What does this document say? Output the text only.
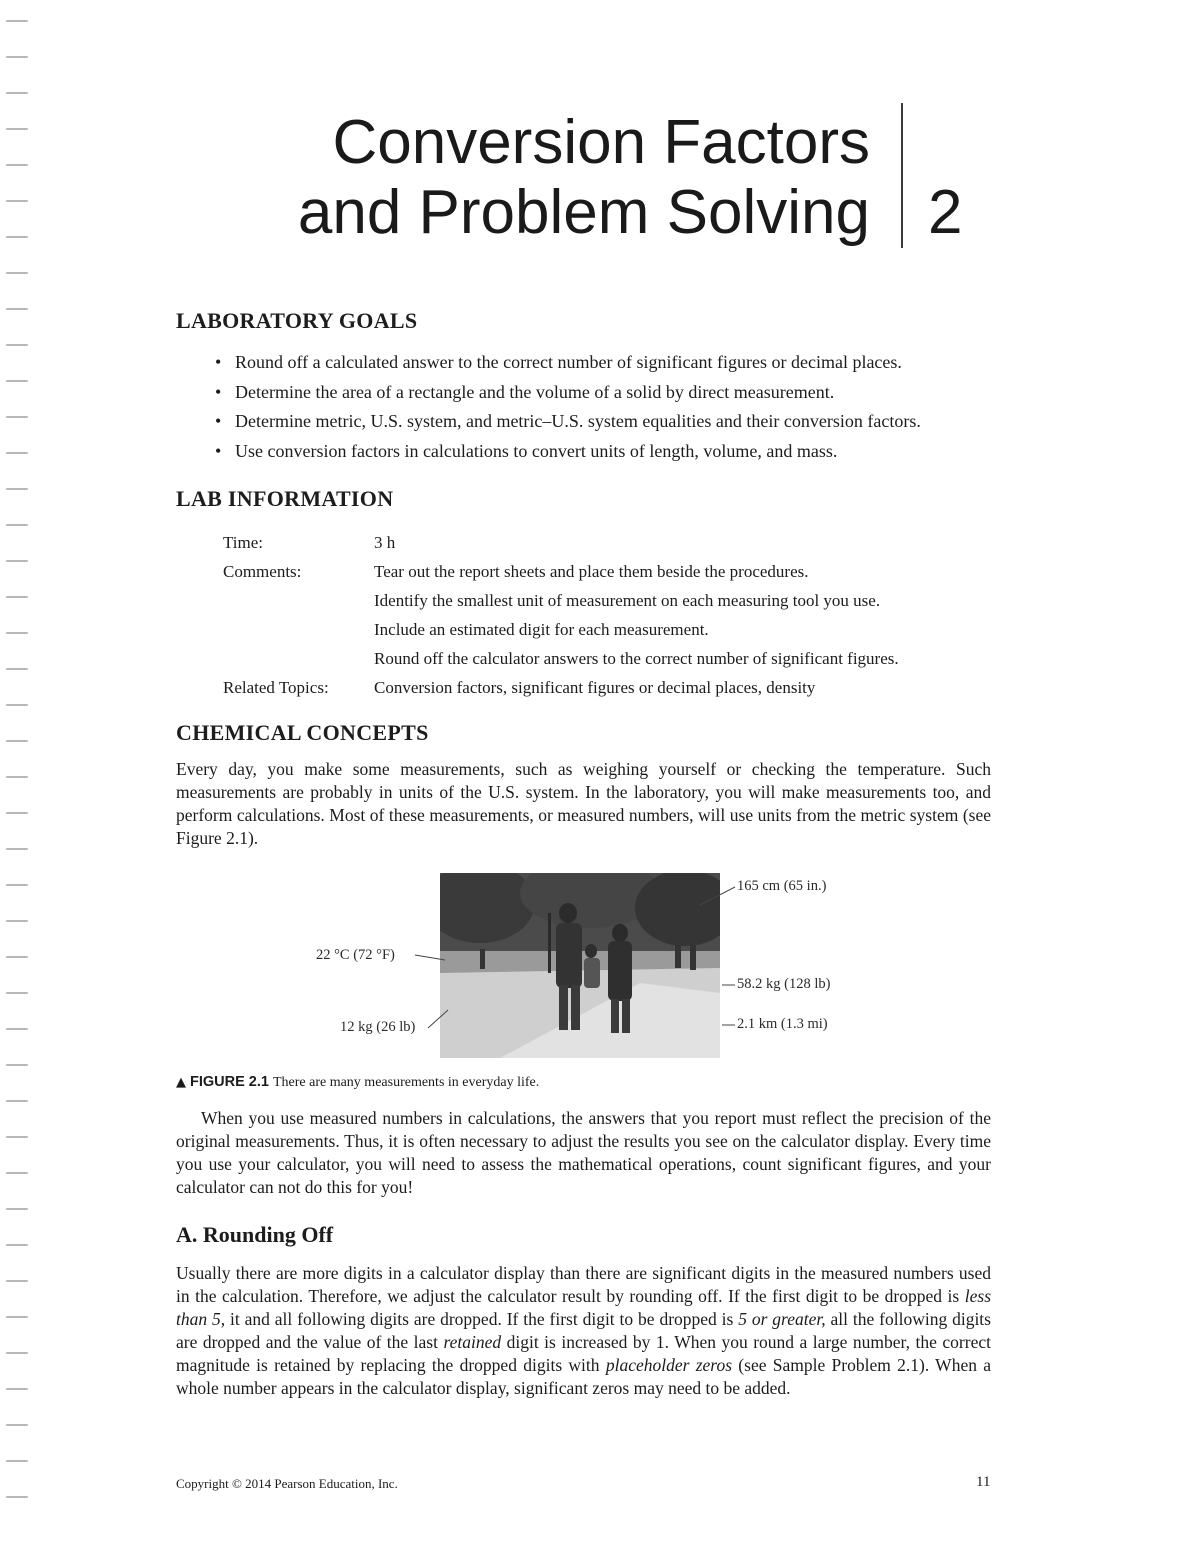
Conversion Factors
and Problem Solving 2
LABORATORY GOALS
• Round off a calculated answer to the correct number of significant figures or decimal places.
• Determine the area of a rectangle and the volume of a solid by direct measurement.
• Determine metric, U.S. system, and metric–U.S. system equalities and their conversion factors.
• Use conversion factors in calculations to convert units of length, volume, and mass.
LAB INFORMATION
Time:	3 h
Comments:	Tear out the report sheets and place them beside the procedures.
Identify the smallest unit of measurement on each measuring tool you use.
Include an estimated digit for each measurement.
Round off the calculator answers to the correct number of significant figures.
Related Topics:	Conversion factors, significant figures or decimal places, density
CHEMICAL CONCEPTS

Every day, you make some measurements, such as weighing yourself or checking the temperature. Such measurements are probably in units of the U.S. system. In the laboratory, you will make measurements too, and perform calculations. Most of these measurements, or measured numbers, will use units from the metric system (see Figure 2.1).

165 cm (65 in.)
22 °C (72 °F)
58.2 kg (128 lb)
12 kg (26 lb)	2.1 km (1.3 mi)
▲ FIGURE 2.1 There are many measurements in everyday life.

When you use measured numbers in calculations, the answers that you report must reflect the precision of the original measurements. Thus, it is often necessary to adjust the results you see on the calculator display. Every time you use your calculator, you will need to assess the mathematical operations, count significant figures, and your calculator can not do this for you!

A. Rounding Off

Usually there are more digits in a calculator display than there are significant digits in the measured numbers used in the calculation. Therefore, we adjust the calculator result by rounding off. If the first digit to be dropped is less than 5, it and all following digits are dropped. If the first digit to be dropped is 5 or greater, all the following digits are dropped and the value of the last retained digit is increased by 1. When you round a large number, the correct magnitude is retained by replacing the dropped digits with placeholder zeros (see Sample Problem 2.1). When a whole number appears in the calculator display, significant zeros may need to be added.

Copyright © 2014 Pearson Education, Inc.	11
